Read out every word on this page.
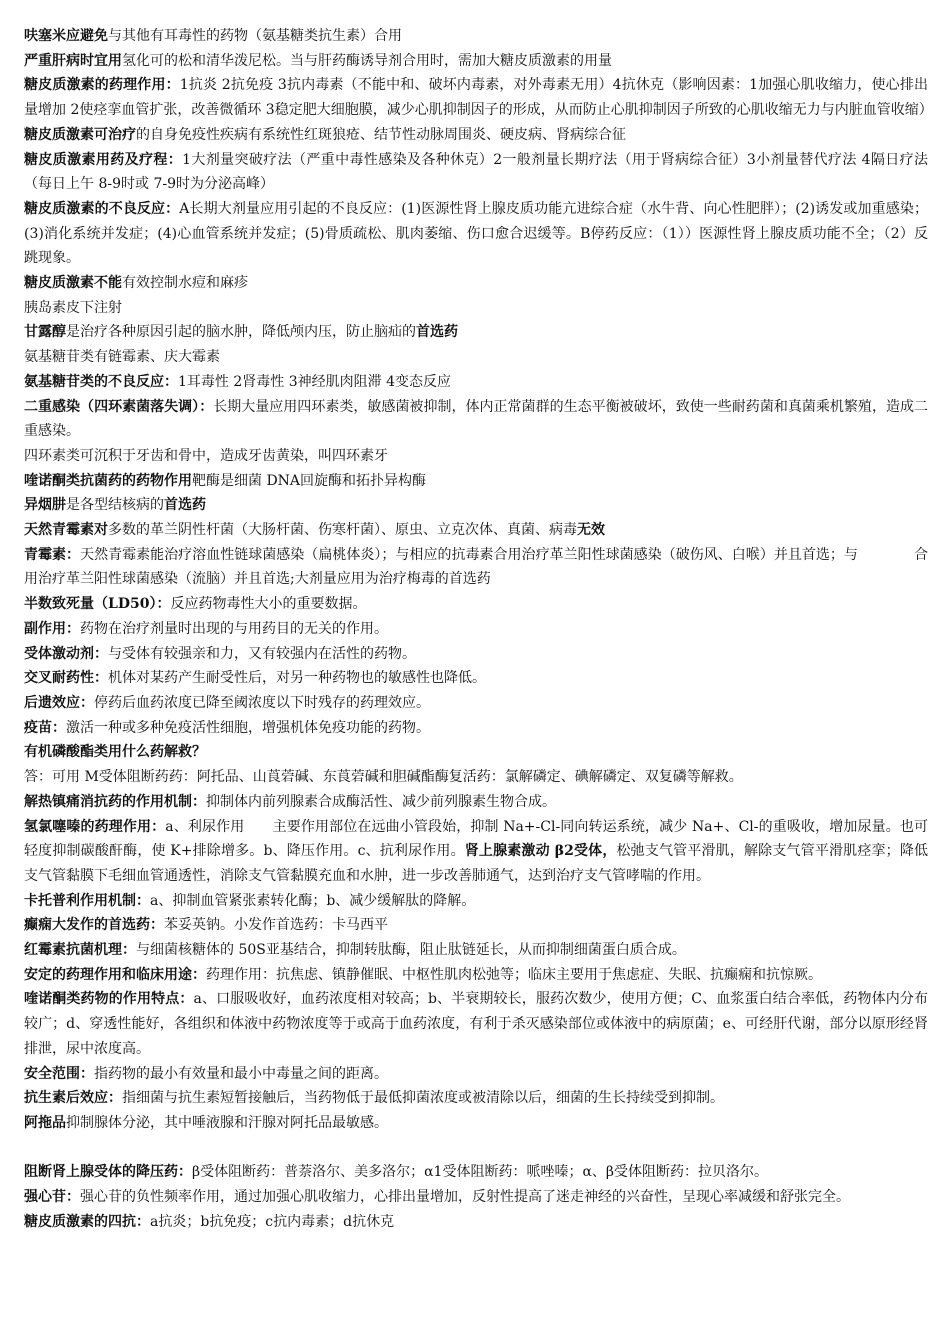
呋塞米应避免与其他有耳毒性的药物（氨基糖类抗生素）合用

严重肝病时宜用氢化可的松和清华泼尼松。当与肝药酶诱导剂合用时，需加大糖皮质激素的用量

糖皮质激素的药理作用：1抗炎 2抗免疫 3抗内毒素（不能中和、破坏内毒素，对外毒素无用）4抗休克（影响因素：1加强心肌收缩力，使心排出量增加 2使痉挛血管扩张，改善微循环 3稳定肥大细胞膜，减少心肌抑制因子的形成，从而防止心肌抑制因子所致的心肌收缩无力与内脏血管收缩）

糖皮质激素可治疗的自身免疫性疾病有系统性红斑狼疮、结节性动脉周围炎、硬皮病、肾病综合征

糖皮质激素用药及疗程：1大剂量突破疗法（严重中毒性感染及各种休克）2一般剂量长期疗法（用于肾病综合征）3小剂量替代疗法 4隔日疗法（每日上午 8-9时或 7-9时为分泌高峰）

糖皮质激素的不良反应：A长期大剂量应用引起的不良反应：(1)医源性肾上腺皮质功能亢进综合症（水牛背、向心性肥胖）；(2)诱发或加重感染；(3)消化系统并发症；(4)心血管系统并发症；(5)骨质疏松、肌肉萎缩、伤口愈合迟缓等。B停药反应：（1））医源性肾上腺皮质功能不全；（2）反跳现象。

糖皮质激素不能有效控制水痘和麻疹

胰岛素皮下注射

甘露醇是治疗各种原因引起的脑水肿，降低颅内压，防止脑疝的首选药

氨基糖苷类有链霉素、庆大霉素

氨基糖苷类的不良反应：1耳毒性 2肾毒性 3神经肌肉阻滞 4变态反应

二重感染（四环素菌落失调）：长期大量应用四环素类，敏感菌被抑制，体内正常菌群的生态平衡被破坏，致使一些耐药菌和真菌乘机繁殖，造成二重感染。

四环素类可沉积于牙齿和骨中，造成牙齿黄染，叫四环素牙

喹诺酮类抗菌药的药物作用靶酶是细菌 DNA回旋酶和拓扑异构酶

异烟肼是各型结核病的首选药

天然青霉素对多数的革兰阴性杆菌（大肠杆菌、伤寒杆菌）、原虫、立克次体、真菌、病毒无效

青霉素：天然青霉素能治疗溶血性链球菌感染（扁桃体炎）；与相应的抗毒素合用治疗革兰阳性球菌感染（破伤风、白喉）并且首选；与　　　　合用治疗革兰阳性球菌感染（流脑）并且首选;大剂量应用为治疗梅毒的首选药

半数致死量（LD50）：反应药物毒性大小的重要数据。

副作用：药物在治疗剂量时出现的与用药目的无关的作用。

受体激动剂：与受体有较强亲和力，又有较强内在活性的药物。

交叉耐药性：机体对某药产生耐受性后，对另一种药物也的敏感性也降低。

后遗效应：停药后血药浓度已降至阈浓度以下时残存的药理效应。

疫苗：激活一种或多种免疫活性细胞，增强机体免疫功能的药物。

有机磷酸酯类用什么药解救？

答：可用 M受体阻断药药：阿托品、山莨菪碱、东莨菪碱和胆碱酯酶复活药：氯解磷定、碘解磷定、双复磷等解救。

解热镇痛消抗药的作用机制：抑制体内前列腺素合成酶活性、减少前列腺素生物合成。

氢氯噻嗪的药理作用：a、利尿作用　　主要作用部位在远曲小管段始，抑制 Na+-Cl-同向转运系统，减少 Na+、Cl-的重吸收，增加尿量。也可轻度抑制碳酸酐酶，使 K+排除增多。b、降压作用。c、抗利尿作用。肾上腺素激动 β2受体，松弛支气管平滑肌，解除支气管平滑肌痉挛；降低支气管黏膜下毛细血管通透性，消除支气管黏膜充血和水肿，进一步改善肺通气，达到治疗支气管哮喘的作用。

卡托普利作用机制：a、抑制血管紧张素转化酶；b、减少缓解肽的降解。

癫痫大发作的首选药：苯妥英钠。小发作首选药：卡马西平

红霉素抗菌机理：与细菌核糖体的 50S亚基结合，抑制转肽酶，阻止肽链延长，从而抑制细菌蛋白质合成。

安定的药理作用和临床用途：药理作用：抗焦虑、镇静催眠、中枢性肌肉松弛等；临床主要用于焦虑症、失眠、抗癫痫和抗惊厥。

喹诺酮类药物的作用特点：a、口服吸收好，血药浓度相对较高；b、半衰期较长，服药次数少，使用方便；C、血浆蛋白结合率低，药物体内分布较广；d、穿透性能好，各组织和体液中药物浓度等于或高于血药浓度，有利于杀灭感染部位或体液中的病原菌；e、可经肝代谢，部分以原形经肾排泄，尿中浓度高。

安全范围：指药物的最小有效量和最小中毒量之间的距离。

抗生素后效应：指细菌与抗生素短暂接触后，当药物低于最低抑菌浓度或被清除以后，细菌的生长持续受到抑制。

阿拖品抑制腺体分泌，其中唾液腺和汗腺对阿托品最敏感。

阻断肾上腺受体的降压药：β受体阻断药：普萘洛尔、美多洛尔；α1受体阻断药：哌唑嗪；α、β受体阻断药：拉贝洛尔。

强心苷：强心苷的负性频率作用，通过加强心肌收缩力，心排出量增加，反射性提高了迷走神经的兴奋性，呈现心率减缓和舒张完全。

糖皮质激素的四抗：a抗炎；b抗免疫；c抗内毒素；d抗休克
